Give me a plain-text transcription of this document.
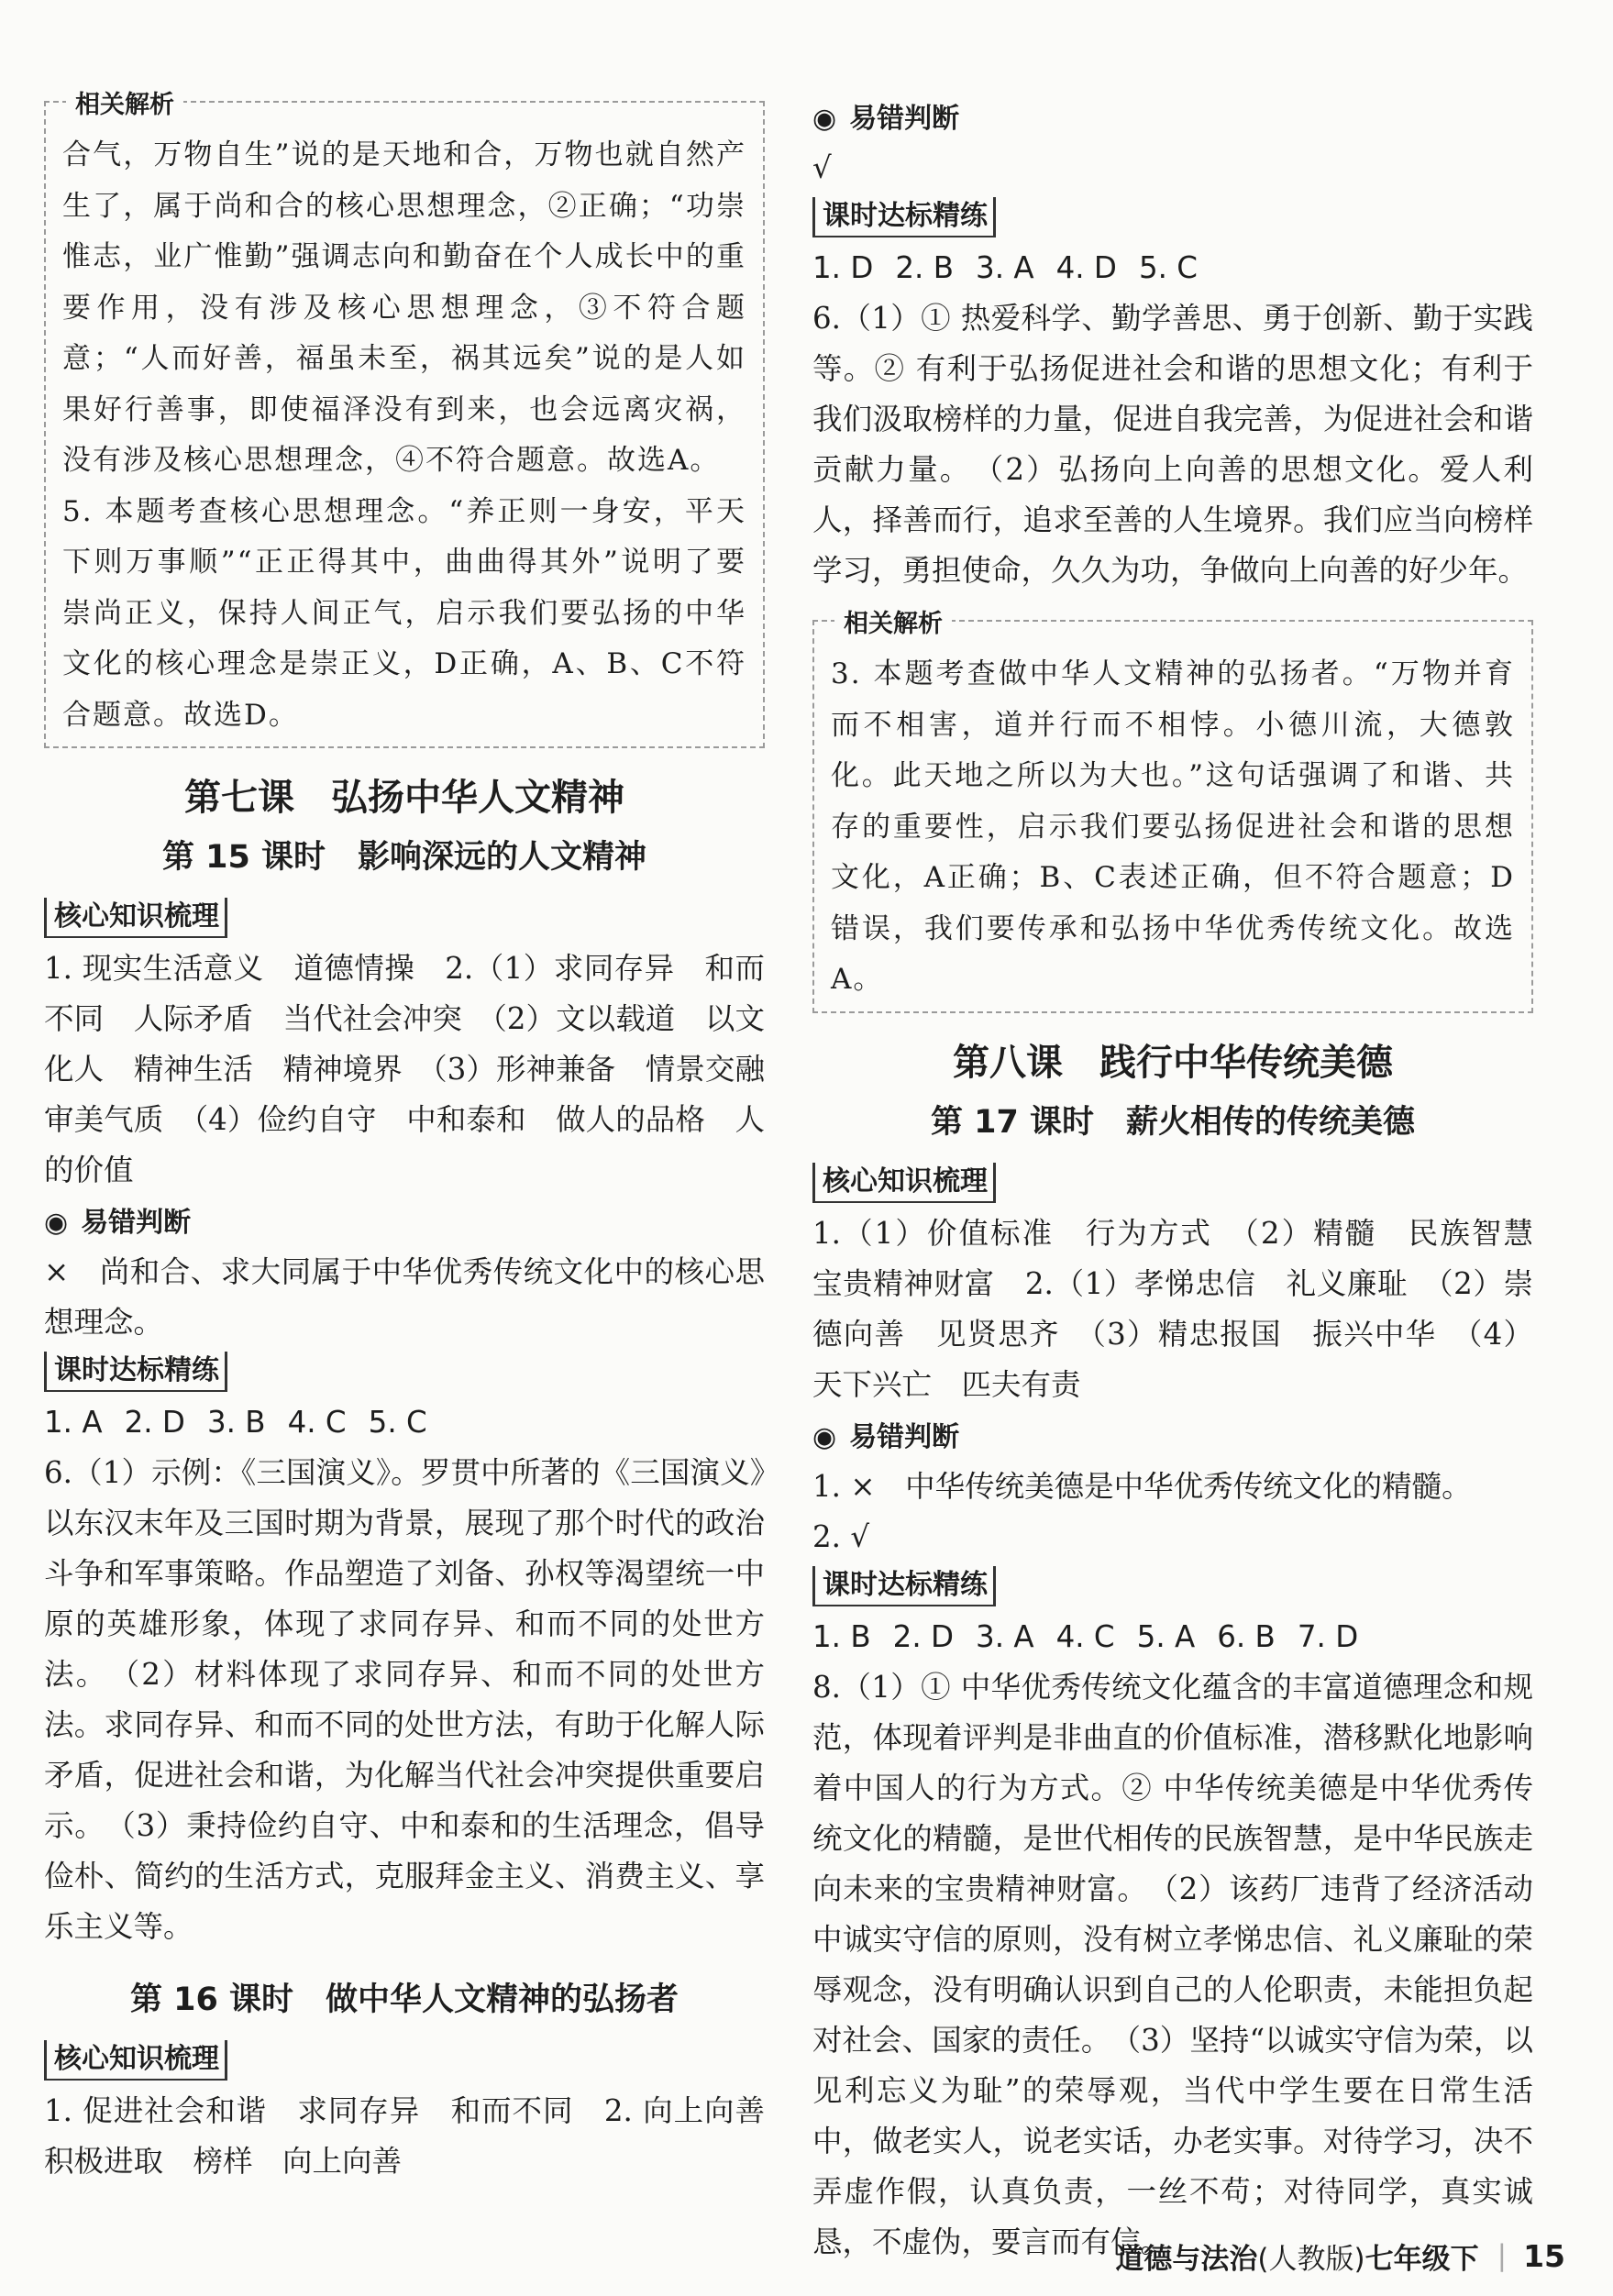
相关解析

合气，万物自生”说的是天地和合，万物也就自然产生了，属于尚和合的核心思想理念，②正确；“功崇惟志，业广惟勤”强调志向和勤奋在个人成长中的重要作用，没有涉及核心思想理念，③不符合题意；“人而好善，福虽未至，祸其远矣”说的是人如果好行善事，即使福泽没有到来，也会远离灾祸，没有涉及核心思想理念，④不符合题意。故选A。

5. 本题考查核心思想理念。“养正则一身安，平天下则万事顺”“正正得其中，曲曲得其外”说明了要崇尚正义，保持人间正气，启示我们要弘扬的中华文化的核心理念是崇正义，D正确，A、B、C不符合题意。故选D。

第七课　弘扬中华人文精神
第 15 课时　影响深远的人文精神
核心知识梳理

1. 现实生活意义　道德情操　2.（1）求同存异　和而不同　人际矛盾　当代社会冲突　（2）文以载道　以文化人　精神生活　精神境界　（3）形神兼备　情景交融　审美气质　（4）俭约自守　中和泰和　做人的品格　人的价值

◉ 易错判断

×　尚和合、求大同属于中华优秀传统文化中的核心思想理念。

课时达标精练

1. A 2. D 3. B 4. C 5. C

6.（1）示例：《三国演义》。罗贯中所著的《三国演义》以东汉末年及三国时期为背景，展现了那个时代的政治斗争和军事策略。作品塑造了刘备、孙权等渴望统一中原的英雄形象，体现了求同存异、和而不同的处世方法。　（2）材料体现了求同存异、和而不同的处世方法。求同存异、和而不同的处世方法，有助于化解人际矛盾，促进社会和谐，为化解当代社会冲突提供重要启示。　（3）秉持俭约自守、中和泰和的生活理念，倡导俭朴、简约的生活方式，克服拜金主义、消费主义、享乐主义等。

第 16 课时　做中华人文精神的弘扬者
核心知识梳理

1. 促进社会和谐　求同存异　和而不同　2. 向上向善　积极进取　榜样　向上向善

◉ 易错判断

√

课时达标精练

1. D 2. B 3. A 4. D 5. C

6.（1）① 热爱科学、勤学善思、勇于创新、勤于实践等。② 有利于弘扬促进社会和谐的思想文化；有利于我们汲取榜样的力量，促进自我完善，为促进社会和谐贡献力量。　（2）弘扬向上向善的思想文化。爱人利人，择善而行，追求至善的人生境界。我们应当向榜样学习，勇担使命，久久为功，争做向上向善的好少年。

相关解析

3. 本题考查做中华人文精神的弘扬者。“万物并育而不相害，道并行而不相悖。小德川流，大德敦化。此天地之所以为大也。”这句话强调了和谐、共存的重要性，启示我们要弘扬促进社会和谐的思想文化，A正确；B、C表述正确，但不符合题意；D错误，我们要传承和弘扬中华优秀传统文化。故选A。

第八课　践行中华传统美德
第 17 课时　薪火相传的传统美德
核心知识梳理

1.（1）价值标准　行为方式　（2）精髓　民族智慧　宝贵精神财富　2.（1）孝悌忠信　礼义廉耻　（2）崇德向善　见贤思齐　（3）精忠报国　振兴中华　（4）天下兴亡　匹夫有责

◉ 易错判断

1. ×　中华传统美德是中华优秀传统文化的精髓。

2. √

课时达标精练

1. B 2. D 3. A 4. C 5. A 6. B 7. D

8.（1）① 中华优秀传统文化蕴含的丰富道德理念和规范，体现着评判是非曲直的价值标准，潜移默化地影响着中国人的行为方式。② 中华传统美德是中华优秀传统文化的精髓，是世代相传的民族智慧，是中华民族走向未来的宝贵精神财富。　（2）该药厂违背了经济活动中诚实守信的原则，没有树立孝悌忠信、礼义廉耻的荣辱观念，没有明确认识到自己的人伦职责，未能担负起对社会、国家的责任。　（3）坚持“以诚实守信为荣，以见利忘义为耻”的荣辱观，当代中学生要在日常生活中，做老实人，说老实话，办老实事。对待学习，决不弄虚作假，认真负责，一丝不苟；对待同学，真实诚恳，不虚伪，要言而有信。

道德与法治 (人教版) 七年级下 | 15
